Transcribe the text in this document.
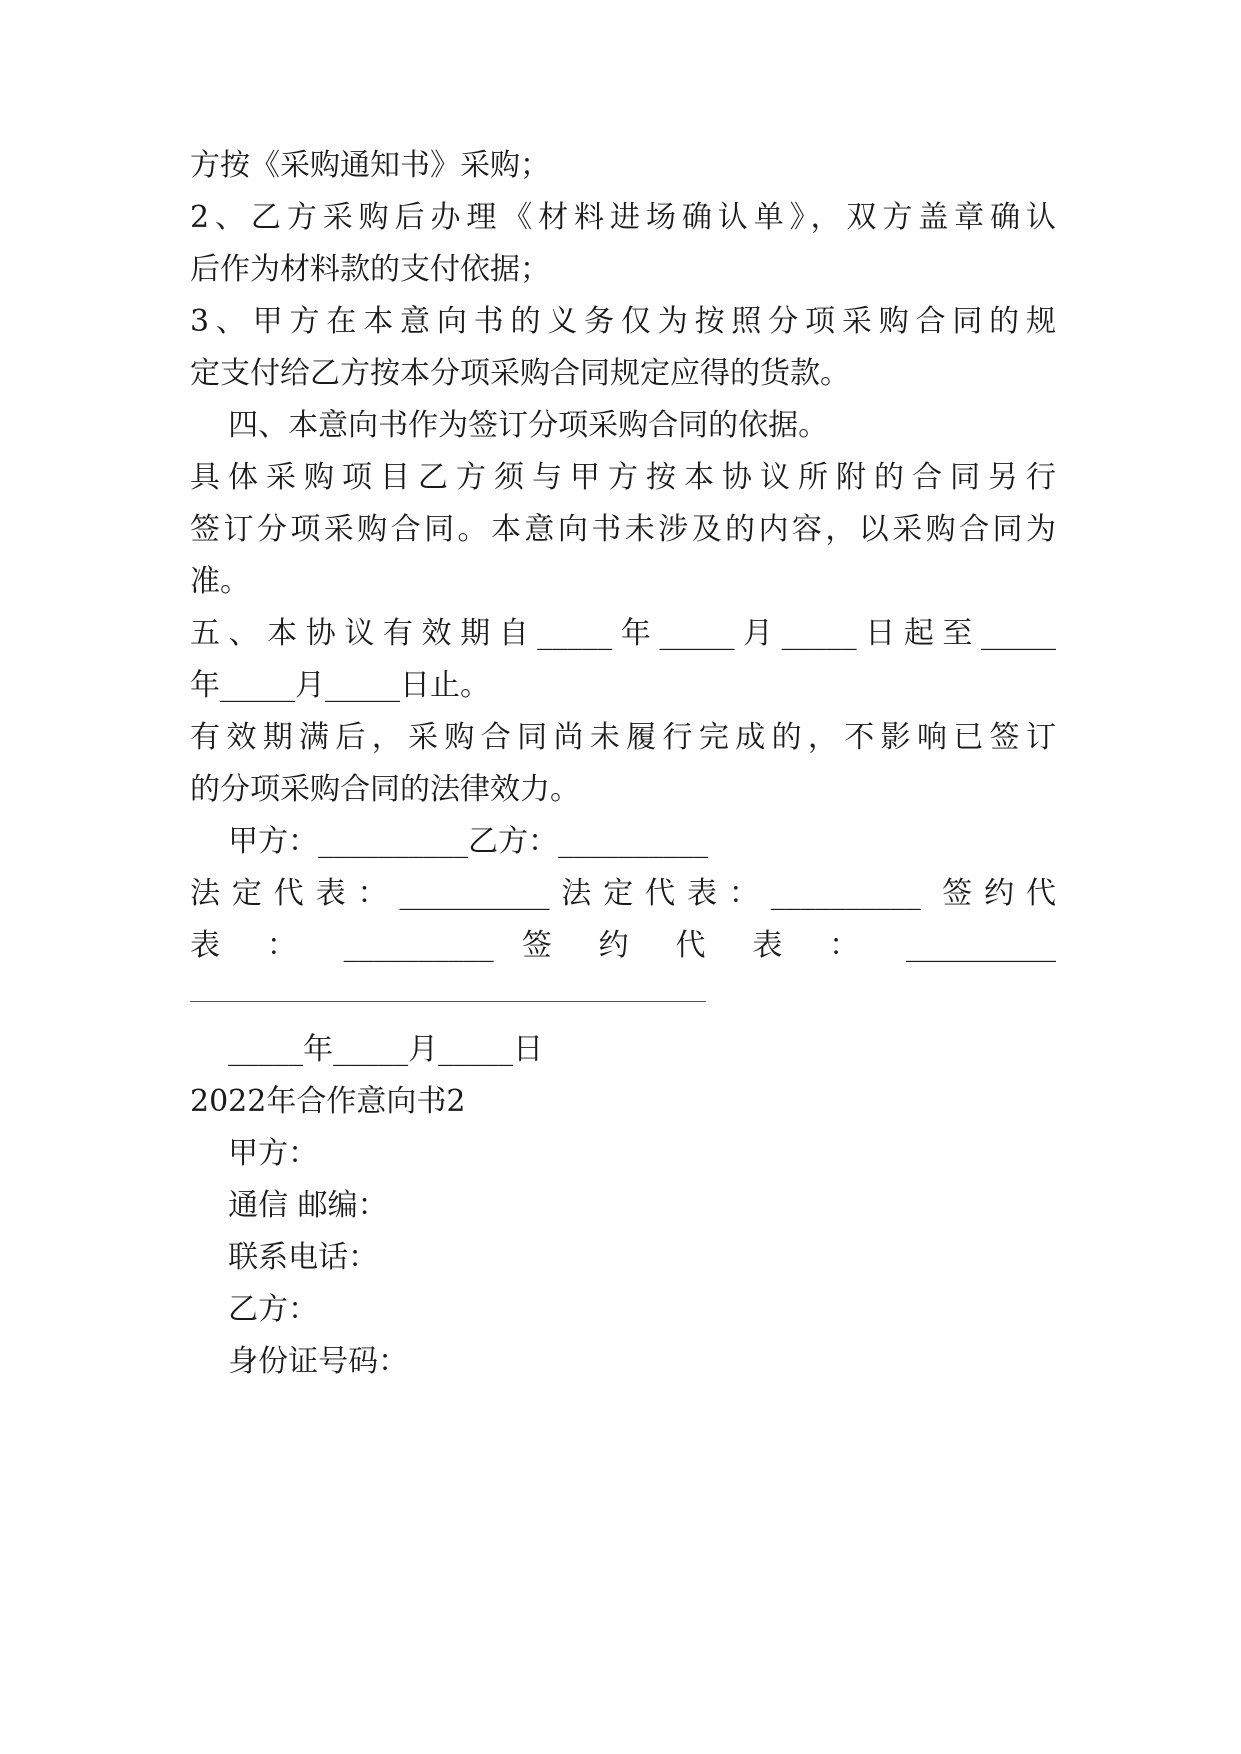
方按《采购通知书》采购；

2、乙方采购后办理《材料进场确认单》，双方盖章确认

后作为材料款的支付依据；

3、甲方在本意向书的义务仅为按照分项采购合同的规

定支付给乙方按本分项采购合同规定应得的货款。

四、本意向书作为签订分项采购合同的依据。

具体采购项目乙方须与甲方按本协议所附的合同另行

签订分项采购合同。本意向书未涉及的内容，以采购合同为

准。

五、本协议有效期自_____年_____月_____日起至_____

年_____月_____日止。

有效期满后，采购合同尚未履行完成的，不影响已签订

的分项采购合同的法律效力。

甲方：__________乙方：__________

法定代表：__________法定代表：__________ 签约代

表 ： __________ 签 约 代 表 ： __________

_____年_____月_____日

2022年合作意向书2

甲方：

通信 邮编：

联系电话：

乙方：

身份证号码：
